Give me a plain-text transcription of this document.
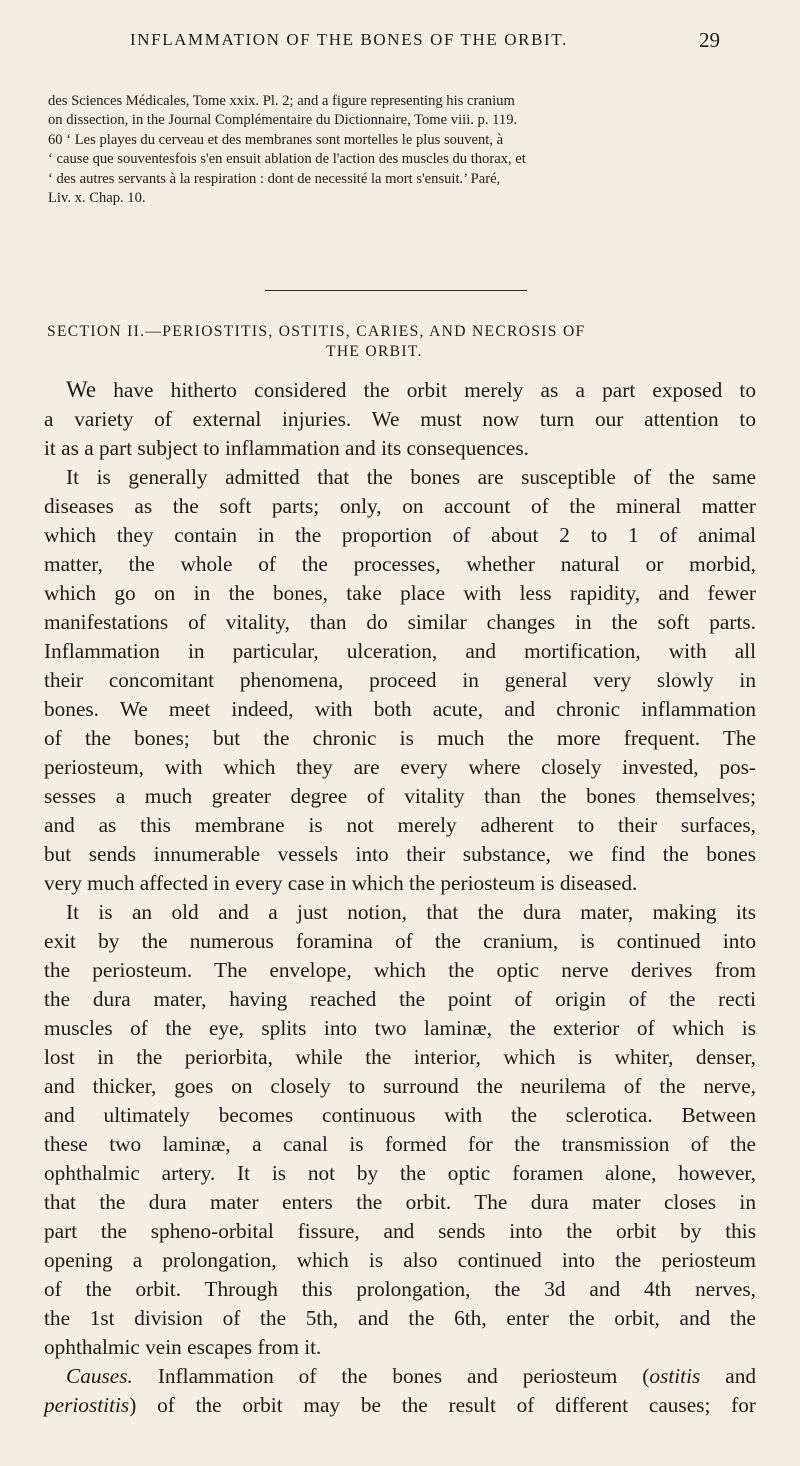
INFLAMMATION OF THE BONES OF THE ORBIT.	29
des Sciences Médicales, Tome xxix. Pl. 2; and a figure representing his cranium
on dissection, in the Journal Complémentaire du Dictionnaire, Tome viii. p. 119.
60 ‘ Les playes du cerveau et des membranes sont mortelles le plus souvent, à
‘ cause que souventesfois s'en ensuit ablation de l'action des muscles du thorax, et
‘ des autres servants à la respiration : dont de necessité la mort s'ensuit.’ Paré,
Liv. x. Chap. 10.
SECTION II.—PERIOSTITIS, OSTITIS, CARIES, AND NECROSIS OF
THE ORBIT.
We have hitherto considered the orbit merely as a part exposed to
a variety of external injuries. We must now turn our attention to
it as a part subject to inflammation and its consequences.
It is generally admitted that the bones are susceptible of the same
diseases as the soft parts; only, on account of the mineral matter
which they contain in the proportion of about 2 to 1 of animal
matter, the whole of the processes, whether natural or morbid,
which go on in the bones, take place with less rapidity, and fewer
manifestations of vitality, than do similar changes in the soft parts.
Inflammation in particular, ulceration, and mortification, with all
their concomitant phenomena, proceed in general very slowly in
bones. We meet indeed, with both acute, and chronic inflammation
of the bones; but the chronic is much the more frequent. The
periosteum, with which they are every where closely invested, pos-
sesses a much greater degree of vitality than the bones themselves;
and as this membrane is not merely adherent to their surfaces,
but sends innumerable vessels into their substance, we find the bones
very much affected in every case in which the periosteum is diseased.
It is an old and a just notion, that the dura mater, making its
exit by the numerous foramina of the cranium, is continued into
the periosteum. The envelope, which the optic nerve derives from
the dura mater, having reached the point of origin of the recti
muscles of the eye, splits into two laminæ, the exterior of which is
lost in the periorbita, while the interior, which is whiter, denser,
and thicker, goes on closely to surround the neurilema of the nerve,
and ultimately becomes continuous with the sclerotica. Between
these two laminæ, a canal is formed for the transmission of the
ophthalmic artery. It is not by the optic foramen alone, however,
that the dura mater enters the orbit. The dura mater closes in
part the spheno-orbital fissure, and sends into the orbit by this
opening a prolongation, which is also continued into the periosteum
of the orbit. Through this prolongation, the 3d and 4th nerves,
the 1st division of the 5th, and the 6th, enter the orbit, and the
ophthalmic vein escapes from it.
Causes. Inflammation of the bones and periosteum (ostitis and
periostitis) of the orbit may be the result of different causes; for
